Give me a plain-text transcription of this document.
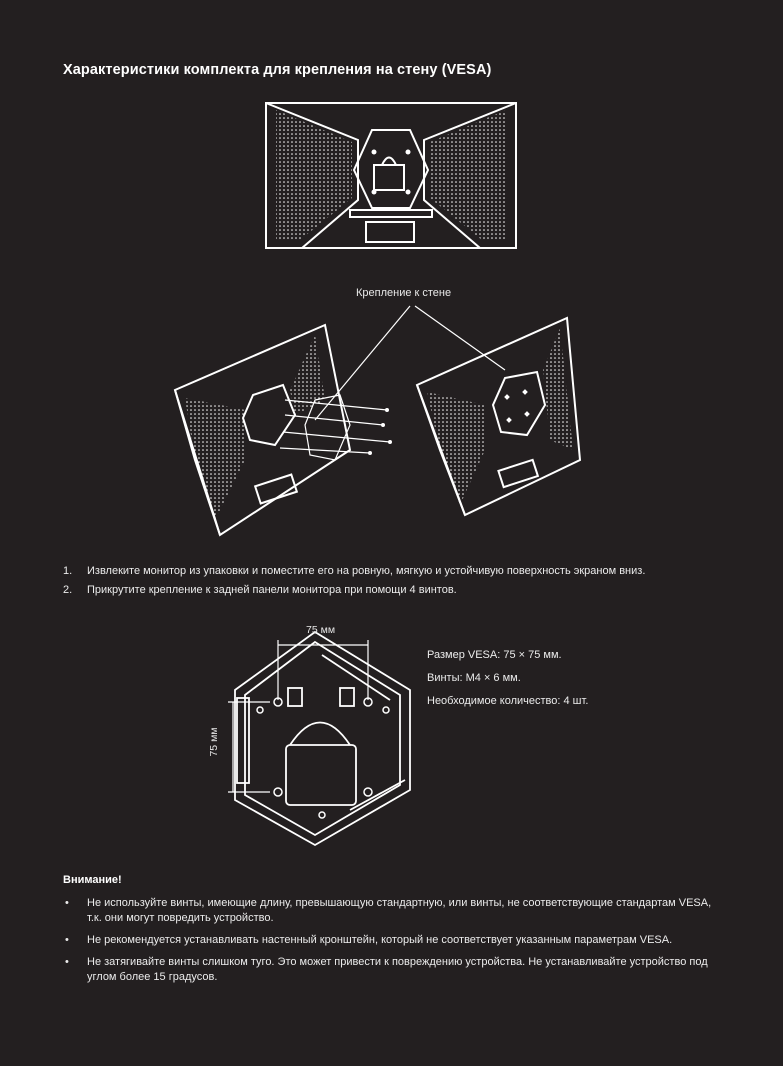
Характеристики комплекта для крепления на стену (VESA)
Крепление к стене
1. Извлеките монитор из упаковки и поместите его на ровную, мягкую и устойчивую поверхность экраном вниз.
2. Прикрутите крепление к задней панели монитора при помощи 4 винтов.
75 мм
75 мм
Размер VESA: 75 × 75 мм.
Винты: M4 × 6 мм.
Необходимое количество: 4 шт.
Внимание!
• Не используйте винты, имеющие длину, превышающую стандартную, или винты, не соответствующие стандартам VESA, т.к. они могут повредить устройство.
• Не рекомендуется устанавливать настенный кронштейн, который не соответствует указанным параметрам VESA.
• Не затягивайте винты слишком туго. Это может привести к повреждению устройства. Не устанавливайте устройство под углом более 15 градусов.
